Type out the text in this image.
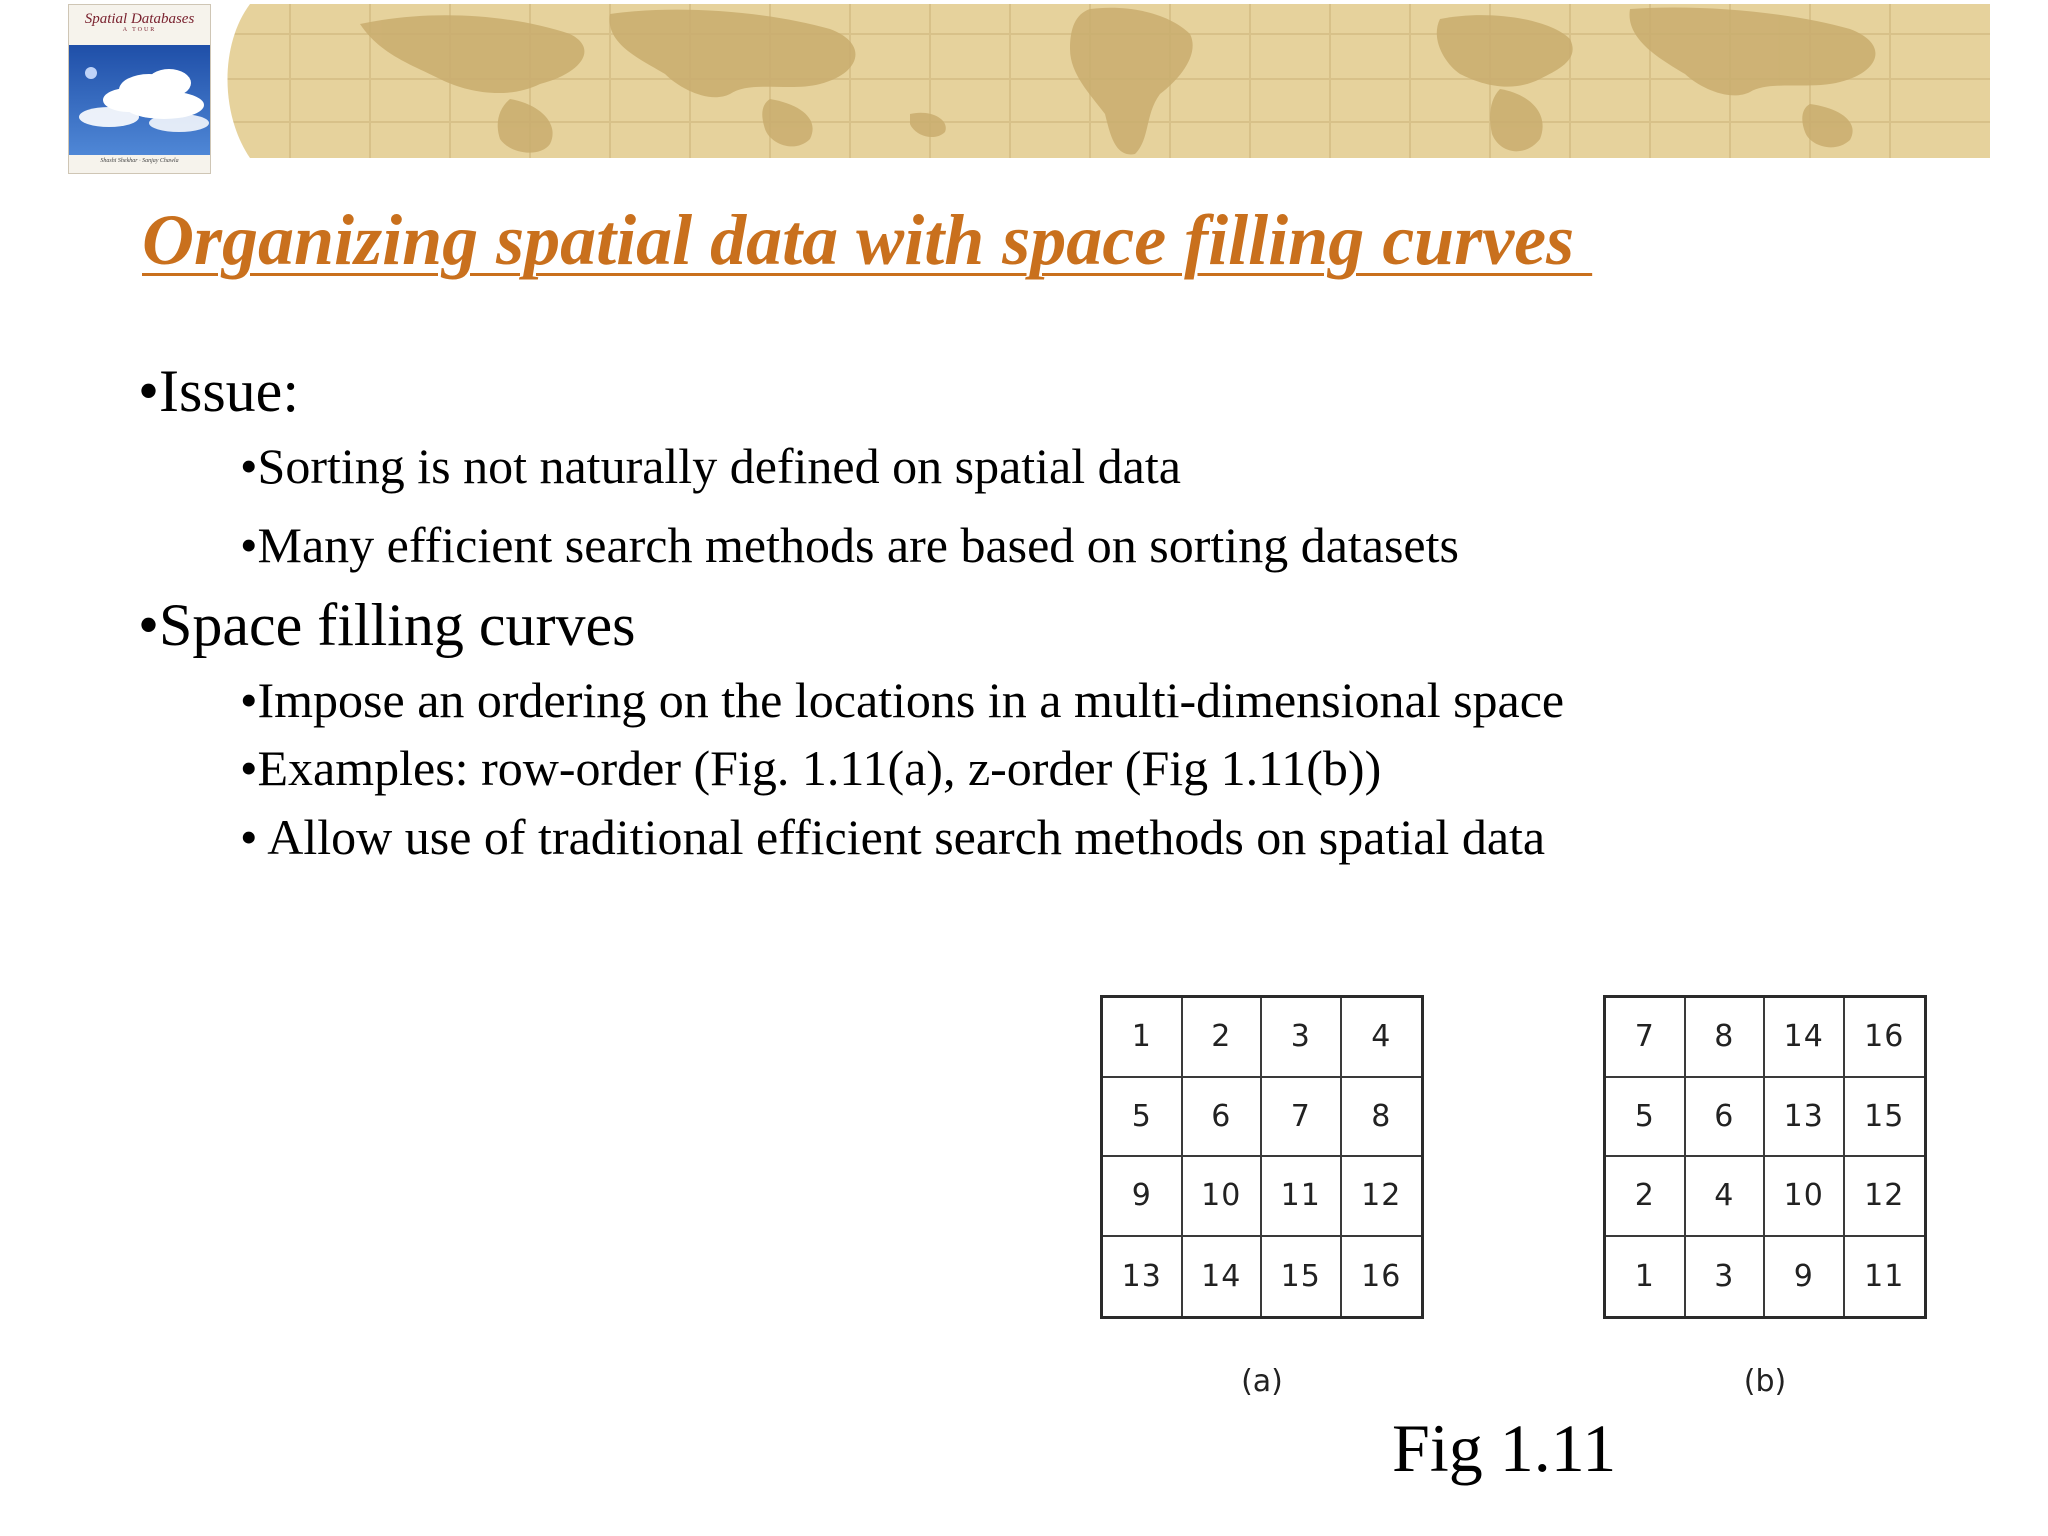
Spatial Databases
A TOUR
Shashi Shekhar · Sanjay Chawla
Organizing spatial data with space filling curves
•Issue:
•Sorting is not naturally defined on spatial data
•Many efficient search methods are based on sorting datasets
•Space filling curves
•Impose an ordering on the locations in a multi-dimensional space
•Examples: row-order (Fig. 1.11(a), z-order (Fig 1.11(b))
• Allow use of traditional efficient search methods on spatial data
1	2	3	4
5	6	7	8
9	10	11	12
13	14	15	16
(a)
7	8	14	16
5	6	13	15
2	4	10	12
1	3	9	11
(b)
Fig 1.11
